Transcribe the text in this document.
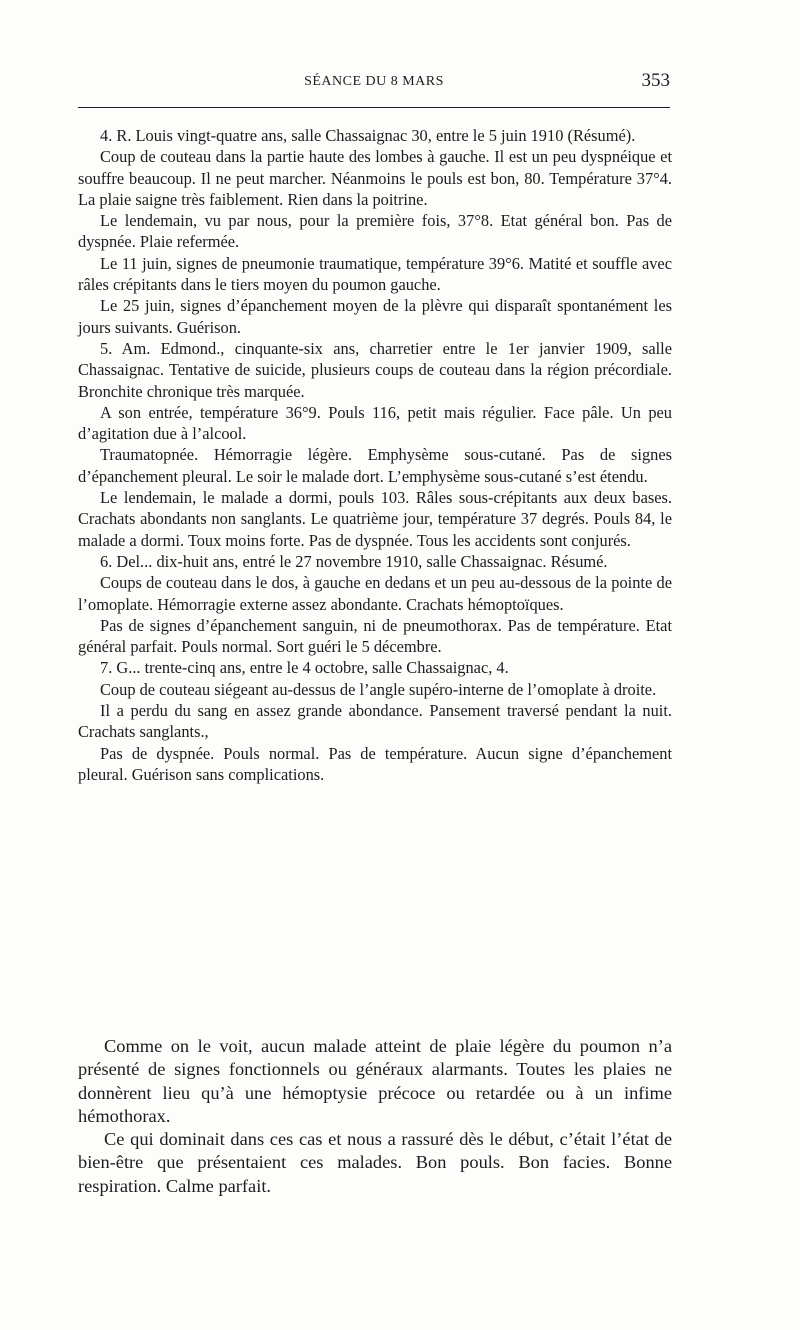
SÉANCE DU 8 MARS	353

4. R. Louis vingt-quatre ans, salle Chassaignac 30, entre le 5 juin 1910 (Résumé).

Coup de couteau dans la partie haute des lombes à gauche. Il est un peu dyspnéique et souffre beaucoup. Il ne peut marcher. Néanmoins le pouls est bon, 80. Température 37°4. La plaie saigne très faiblement. Rien dans la poitrine.

Le lendemain, vu par nous, pour la première fois, 37°8. Etat général bon. Pas de dyspnée. Plaie refermée.

Le 11 juin, signes de pneumonie traumatique, température 39°6. Matité et souffle avec râles crépitants dans le tiers moyen du poumon gauche.

Le 25 juin, signes d’épanchement moyen de la plèvre qui disparaît spontanément les jours suivants. Guérison.

5. Am. Edmond., cinquante-six ans, charretier entre le 1er janvier 1909, salle Chassaignac. Tentative de suicide, plusieurs coups de couteau dans la région précordiale. Bronchite chronique très marquée.

A son entrée, température 36°9. Pouls 116, petit mais régulier. Face pâle. Un peu d’agitation due à l’alcool.

Traumatopnée. Hémorragie légère. Emphysème sous-cutané. Pas de signes d’épanchement pleural. Le soir le malade dort. L’emphysème sous-cutané s’est étendu.

Le lendemain, le malade a dormi, pouls 103. Râles sous-crépitants aux deux bases. Crachats abondants non sanglants. Le quatrième jour, température 37 degrés. Pouls 84, le malade a dormi. Toux moins forte. Pas de dyspnée. Tous les accidents sont conjurés.

6. Del... dix-huit ans, entré le 27 novembre 1910, salle Chassaignac. Résumé.

Coups de couteau dans le dos, à gauche en dedans et un peu au-dessous de la pointe de l’omoplate. Hémorragie externe assez abondante. Crachats hémoptoïques.

Pas de signes d’épanchement sanguin, ni de pneumothorax. Pas de température. Etat général parfait. Pouls normal. Sort guéri le 5 décembre.

7. G... trente-cinq ans, entre le 4 octobre, salle Chassaignac, 4.

Coup de couteau siégeant au-dessus de l’angle supéro-interne de l’omoplate à droite.

Il a perdu du sang en assez grande abondance. Pansement traversé pendant la nuit. Crachats sanglants.,

Pas de dyspnée. Pouls normal. Pas de température. Aucun signe d’épanchement pleural. Guérison sans complications.

Comme on le voit, aucun malade atteint de plaie légère du poumon n’a présenté de signes fonctionnels ou généraux alarmants. Toutes les plaies ne donnèrent lieu qu’à une hémoptysie précoce ou retardée ou à un infime hémothorax.

Ce qui dominait dans ces cas et nous a rassuré dès le début, c’était l’état de bien-être que présentaient ces malades. Bon pouls. Bon facies. Bonne respiration. Calme parfait.
